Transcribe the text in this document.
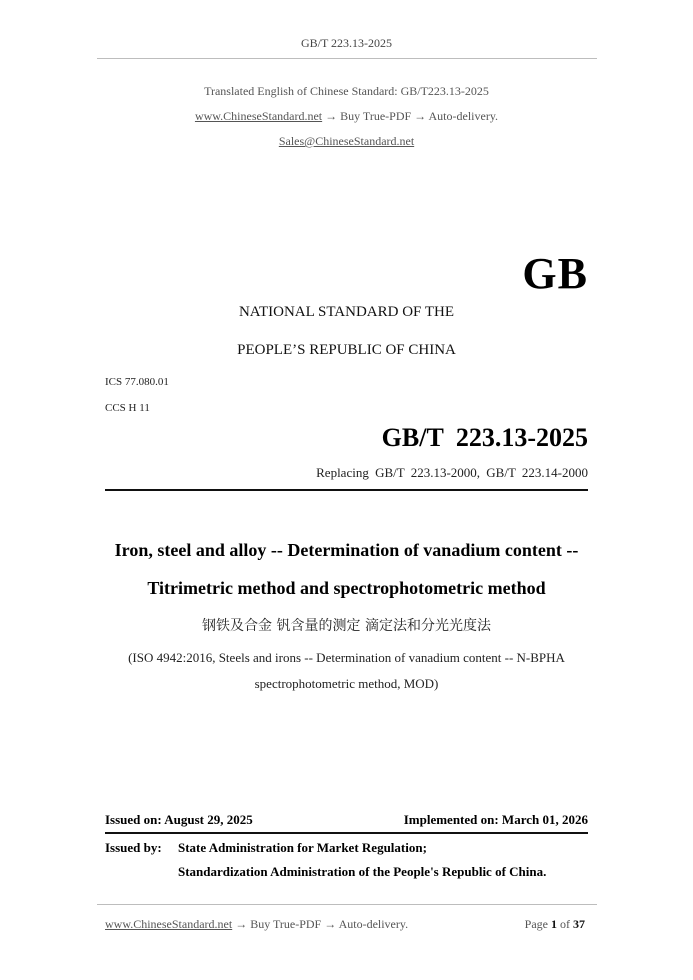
GB/T 223.13-2025
Translated English of Chinese Standard: GB/T223.13-2025
www.ChineseStandard.net → Buy True-PDF → Auto-delivery.
Sales@ChineseStandard.net
GB
NATIONAL STANDARD OF THE
PEOPLE’S REPUBLIC OF CHINA
ICS 77.080.01
CCS H 11
GB/T 223.13-2025
Replacing GB/T 223.13-2000, GB/T 223.14-2000
Iron, steel and alloy -- Determination of vanadium content --
Titrimetric method and spectrophotometric method
钢铁及合金 钒含量的测定 滴定法和分光光度法
(ISO 4942:2016, Steels and irons -- Determination of vanadium content -- N-BPHA
spectrophotometric method, MOD)
Issued on: August 29, 2025	Implemented on: March 01, 2026
Issued by: State Administration for Market Regulation;
Standardization Administration of the People's Republic of China.
www.ChineseStandard.net → Buy True-PDF → Auto-delivery.	Page 1 of 37
